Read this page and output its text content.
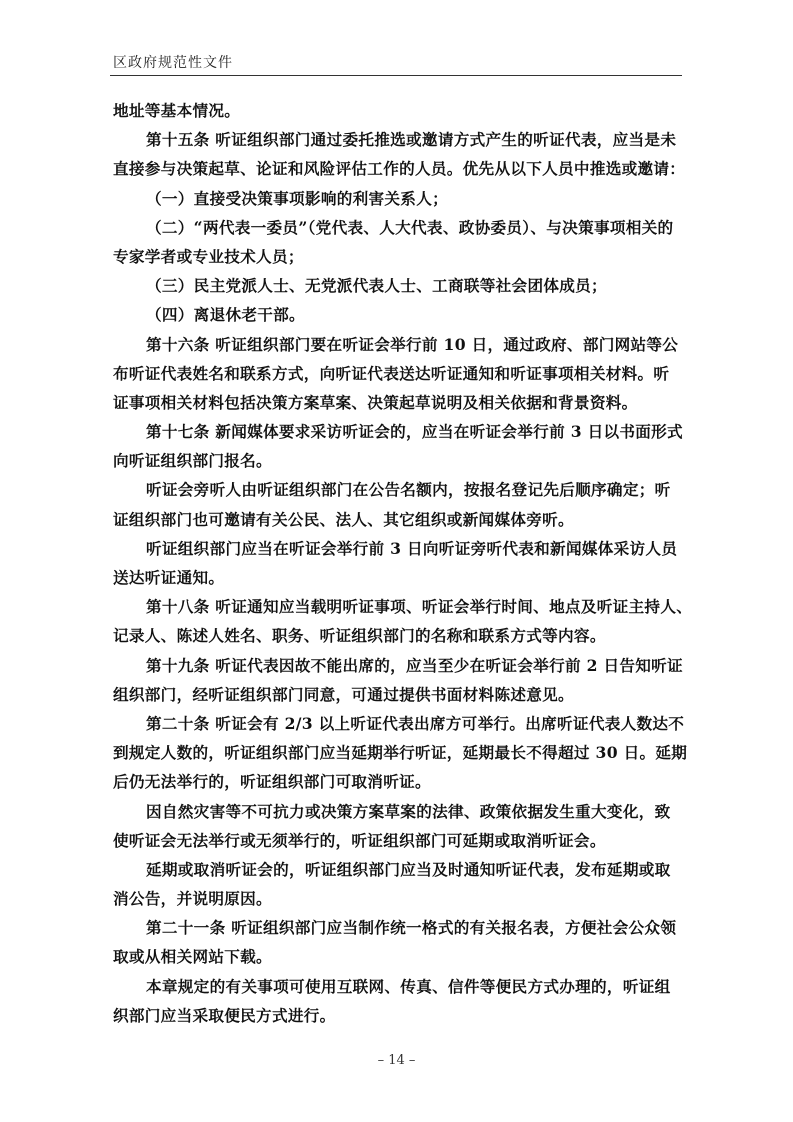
区政府规范性文件
地址等基本情况。
第十五条 听证组织部门通过委托推选或邀请方式产生的听证代表，应当是未
直接参与决策起草、论证和风险评估工作的人员。优先从以下人员中推选或邀请：
（一）直接受决策事项影响的利害关系人；
（二）“两代表一委员”（党代表、人大代表、政协委员）、与决策事项相关的
专家学者或专业技术人员；
（三）民主党派人士、无党派代表人士、工商联等社会团体成员；
（四）离退休老干部。
第十六条 听证组织部门要在听证会举行前 10 日，通过政府、部门网站等公
布听证代表姓名和联系方式，向听证代表送达听证通知和听证事项相关材料。听
证事项相关材料包括决策方案草案、决策起草说明及相关依据和背景资料。
第十七条 新闻媒体要求采访听证会的，应当在听证会举行前 3 日以书面形式
向听证组织部门报名。
听证会旁听人由听证组织部门在公告名额内，按报名登记先后顺序确定；听
证组织部门也可邀请有关公民、法人、其它组织或新闻媒体旁听。
听证组织部门应当在听证会举行前 3 日向听证旁听代表和新闻媒体采访人员
送达听证通知。
第十八条 听证通知应当载明听证事项、听证会举行时间、地点及听证主持人、
记录人、陈述人姓名、职务、听证组织部门的名称和联系方式等内容。
第十九条 听证代表因故不能出席的，应当至少在听证会举行前 2 日告知听证
组织部门，经听证组织部门同意，可通过提供书面材料陈述意见。
第二十条 听证会有 2/3 以上听证代表出席方可举行。出席听证代表人数达不
到规定人数的，听证组织部门应当延期举行听证，延期最长不得超过 30 日。延期
后仍无法举行的，听证组织部门可取消听证。
因自然灾害等不可抗力或决策方案草案的法律、政策依据发生重大变化，致
使听证会无法举行或无须举行的，听证组织部门可延期或取消听证会。
延期或取消听证会的，听证组织部门应当及时通知听证代表，发布延期或取
消公告，并说明原因。
第二十一条 听证组织部门应当制作统一格式的有关报名表，方便社会公众领
取或从相关网站下载。
本章规定的有关事项可使用互联网、传真、信件等便民方式办理的，听证组
织部门应当采取便民方式进行。
– 14 –
